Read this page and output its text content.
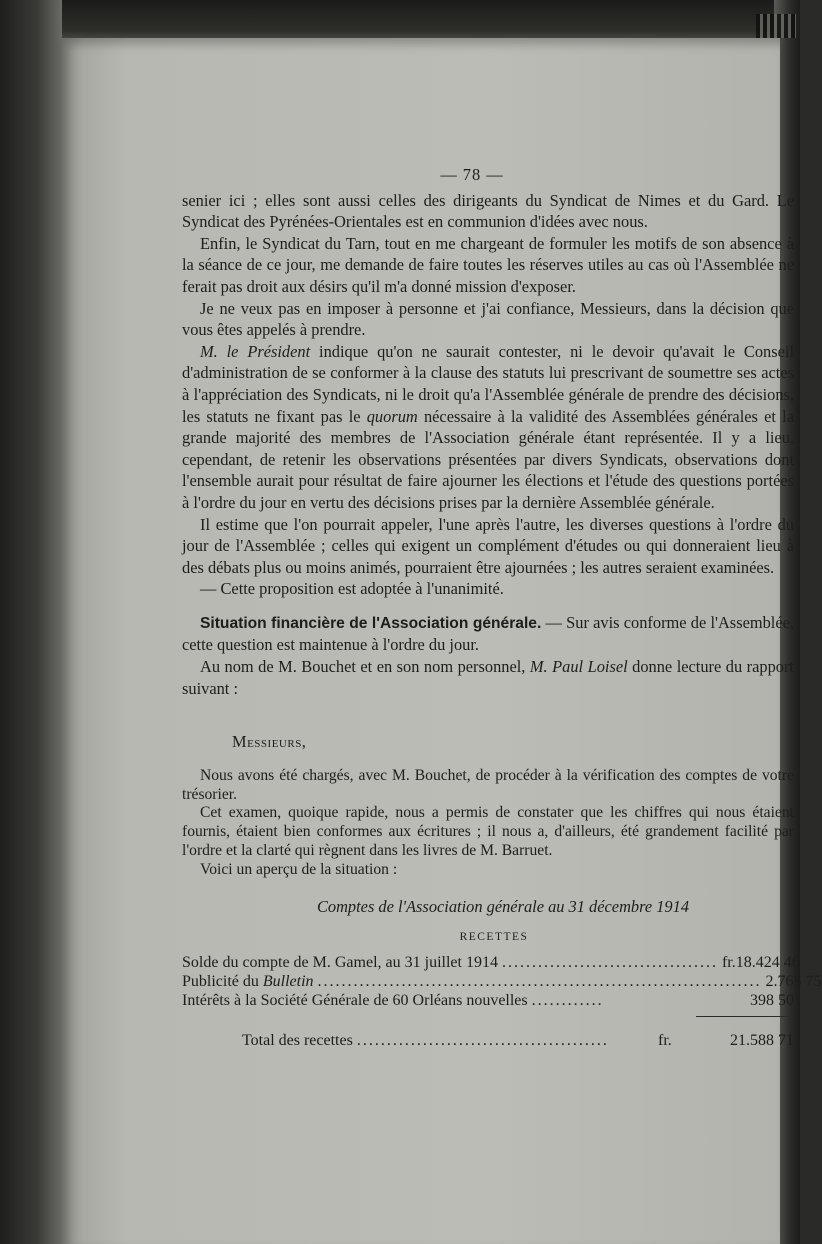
— 78 —

senier ici ; elles sont aussi celles des dirigeants du Syndicat de Nimes et du Gard. Le Syndicat des Pyrénées-Orientales est en communion d'idées avec nous.

Enfin, le Syndicat du Tarn, tout en me chargeant de formuler les motifs de son absence à la séance de ce jour, me demande de faire toutes les réserves utiles au cas où l'Assemblée ne ferait pas droit aux désirs qu'il m'a donné mission d'exposer.

Je ne veux pas en imposer à personne et j'ai confiance, Messieurs, dans la décision que vous êtes appelés à prendre.

M. le Président indique qu'on ne saurait contester, ni le devoir qu'avait le Conseil d'administration de se conformer à la clause des statuts lui prescrivant de soumettre ses actes à l'appréciation des Syndicats, ni le droit qu'a l'Assemblée générale de prendre des décisions, les statuts ne fixant pas le quorum nécessaire à la validité des Assemblées générales et la grande majorité des membres de l'Association générale étant représentée. Il y a lieu, cependant, de retenir les observations présentées par divers Syndicats, observations dont l'ensemble aurait pour résultat de faire ajourner les élections et l'étude des questions portées à l'ordre du jour en vertu des décisions prises par la dernière Assemblée générale.

Il estime que l'on pourrait appeler, l'une après l'autre, les diverses questions à l'ordre du jour de l'Assemblée ; celles qui exigent un complément d'études ou qui donneraient lieu à des débats plus ou moins animés, pourraient être ajournées ; les autres seraient examinées.

— Cette proposition est adoptée à l'unanimité.

Situation financière de l'Association générale. — Sur avis conforme de l'Assemblée, cette question est maintenue à l'ordre du jour.

Au nom de M. Bouchet et en son nom personnel, M. Paul Loisel donne lecture du rapport suivant :

Messieurs,

Nous avons été chargés, avec M. Bouchet, de procéder à la vérification des comptes de votre trésorier.

Cet examen, quoique rapide, nous a permis de constater que les chiffres qui nous étaient fournis, étaient bien conformes aux écritures ; il nous a, d'ailleurs, été grandement facilité par l'ordre et la clarté qui règnent dans les livres de M. Barruet.

Voici un aperçu de la situation :

Comptes de l'Association générale au 31 décembre 1914
RECETTES
Solde du compte de M. Gamel, au 31 juillet 1914 .................................... fr. 18.424 46
Publicité du Bulletin .......................................................................... 2.765 75
Intérêts à la Société Générale de 60 Orléans nouvelles ............	398 50
Total des recettes ..........................................	fr.	21.588 71
